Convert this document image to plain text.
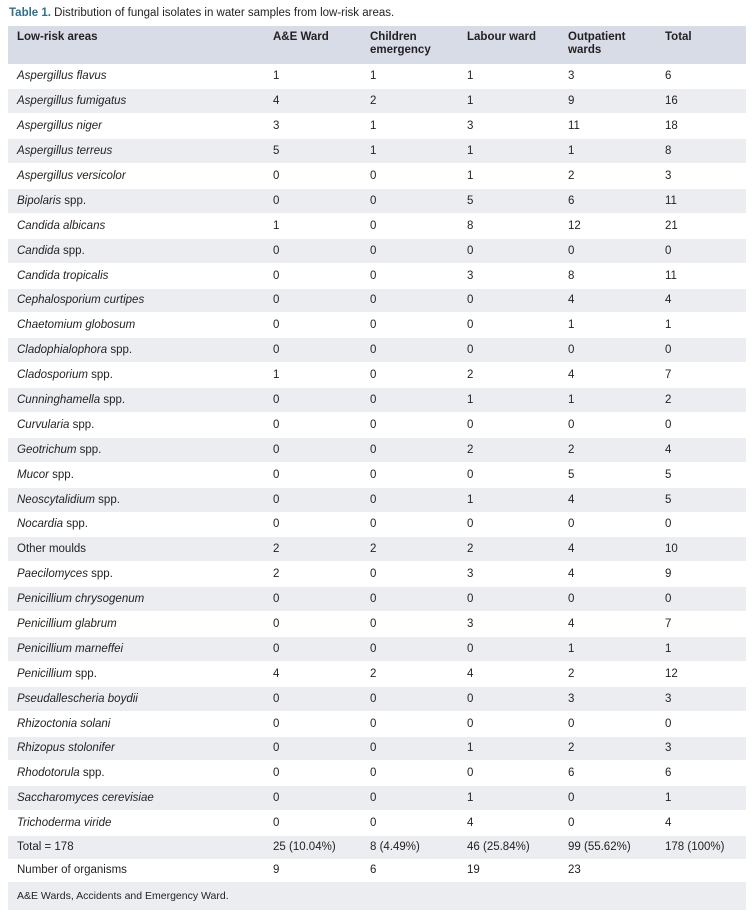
Table 1. Distribution of fungal isolates in water samples from low-risk areas.
Low-risk areas	A&E Ward	Children emergency	Labour ward	Outpatient wards	Total
Aspergillus flavus	1	1	1	3	6
Aspergillus fumigatus	4	2	1	9	16
Aspergillus niger	3	1	3	11	18
Aspergillus terreus	5	1	1	1	8
Aspergillus versicolor	0	0	1	2	3
Bipolaris spp.	0	0	5	6	11
Candida albicans	1	0	8	12	21
Candida spp.	0	0	0	0	0
Candida tropicalis	0	0	3	8	11
Cephalosporium curtipes	0	0	0	4	4
Chaetomium globosum	0	0	0	1	1
Cladophialophora spp.	0	0	0	0	0
Cladosporium spp.	1	0	2	4	7
Cunninghamella spp.	0	0	1	1	2
Curvularia spp.	0	0	0	0	0
Geotrichum spp.	0	0	2	2	4
Mucor spp.	0	0	0	5	5
Neoscytalidium spp.	0	0	1	4	5
Nocardia spp.	0	0	0	0	0
Other moulds	2	2	2	4	10
Paecilomyces spp.	2	0	3	4	9
Penicillium chrysogenum	0	0	0	0	0
Penicillium glabrum	0	0	3	4	7
Penicillium marneffei	0	0	0	1	1
Penicillium spp.	4	2	4	2	12
Pseudallescheria boydii	0	0	0	3	3
Rhizoctonia solani	0	0	0	0	0
Rhizopus stolonifer	0	0	1	2	3
Rhodotorula spp.	0	0	0	6	6
Saccharomyces cerevisiae	0	0	1	0	1
Trichoderma viride	0	0	4	0	4
Total = 178	25 (10.04%)	8 (4.49%)	46 (25.84%)	99 (55.62%)	178 (100%)
Number of organisms	9	6	19	23	
A&E Wards, Accidents and Emergency Ward.					
